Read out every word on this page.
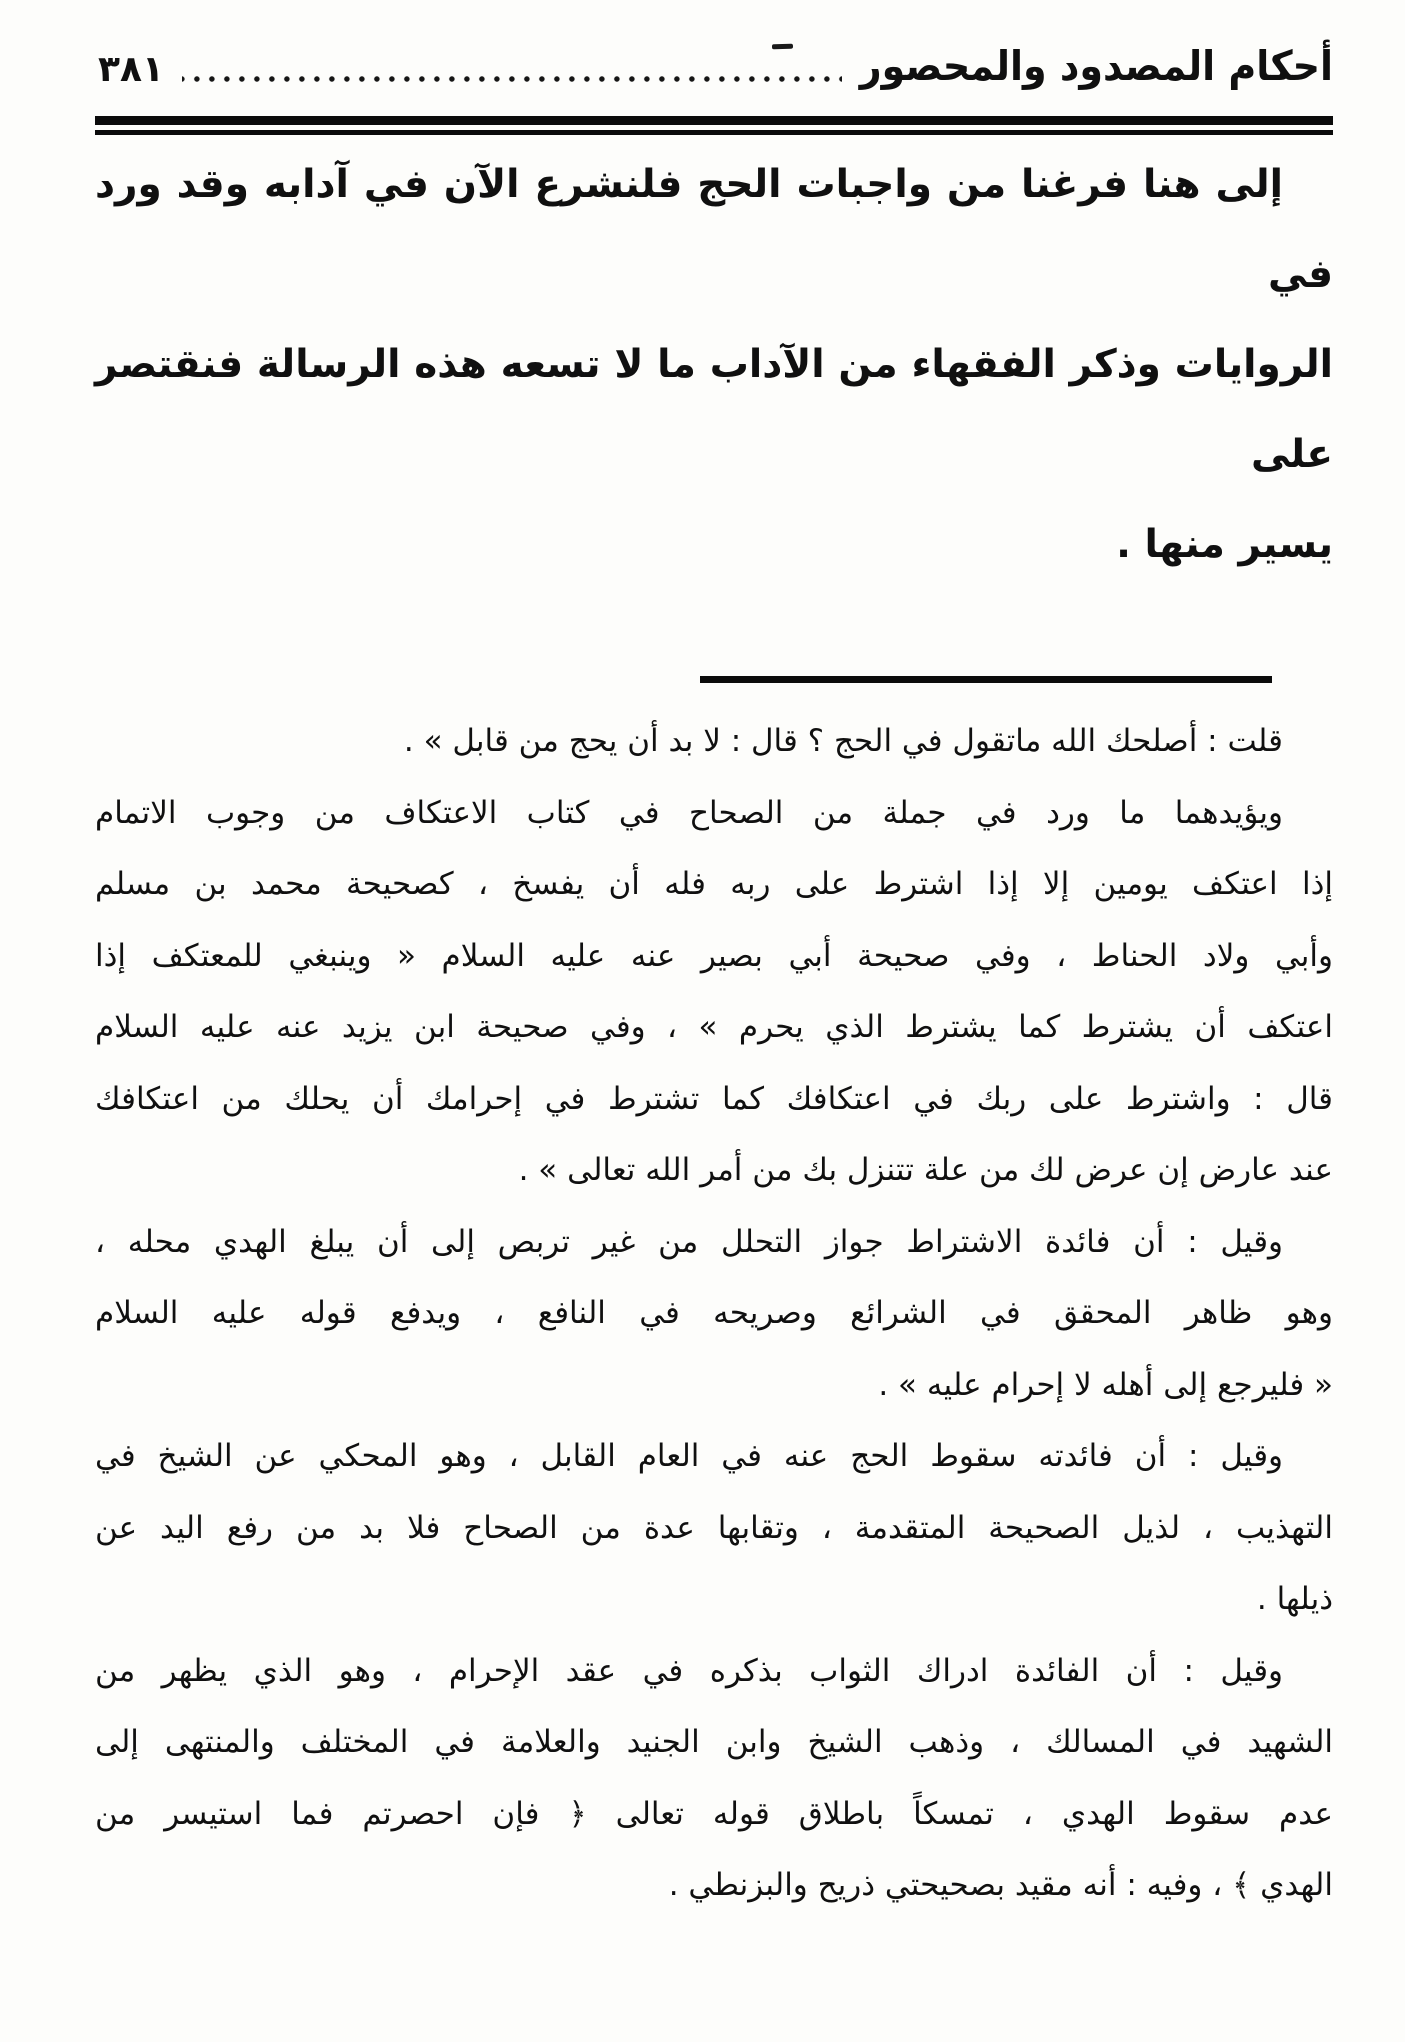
أحكام المصدود والمحصور
٣٨١
إلى هنا فرغنا من واجبات الحج فلنشرع الآن في آدابه وقد ورد في
الروايات وذكر الفقهاء من الآداب ما لا تسعه هذه الرسالة فنقتصر على
يسير منها .
قلت : أصلحك الله ماتقول في الحج ؟ قال : لا بد أن يحج من قابل » .
ويؤيدهما ما ورد في جملة من الصحاح في كتاب الاعتكاف من وجوب الاتمام
إذا اعتكف يومين إلا إذا اشترط على ربه فله أن يفسخ ، كصحيحة محمد بن مسلم
وأبي ولاد الحناط ، وفي صحيحة أبي بصير عنه عليه السلام « وينبغي للمعتكف إذا
اعتكف أن يشترط كما يشترط الذي يحرم » ، وفي صحيحة ابن يزيد عنه عليه السلام
قال : واشترط على ربك في اعتكافك كما تشترط في إحرامك أن يحلك من اعتكافك
عند عارض إن عرض لك من علة تتنزل بك من أمر الله تعالى » .
وقيل : أن فائدة الاشتراط جواز التحلل من غير تربص إلى أن يبلغ الهدي محله ،
وهو ظاهر المحقق في الشرائع وصريحه في النافع ، ويدفع قوله عليه السلام
« فليرجع إلى أهله لا إحرام عليه » .
وقيل : أن فائدته سقوط الحج عنه في العام القابل ، وهو المحكي عن الشيخ في
التهذيب ، لذيل الصحيحة المتقدمة ، وتقابها عدة من الصحاح فلا بد من رفع اليد عن
ذيلها .
وقيل : أن الفائدة ادراك الثواب بذكره في عقد الإحرام ، وهو الذي يظهر من
الشهيد في المسالك ، وذهب الشيخ وابن الجنيد والعلامة في المختلف والمنتهى إلى
عدم سقوط الهدي ، تمسكاً باطلاق قوله تعالى ﴿ فإن احصرتم فما استيسر من
الهدي ﴾ ، وفيه : أنه مقيد بصحيحتي ذريح والبزنطي .
